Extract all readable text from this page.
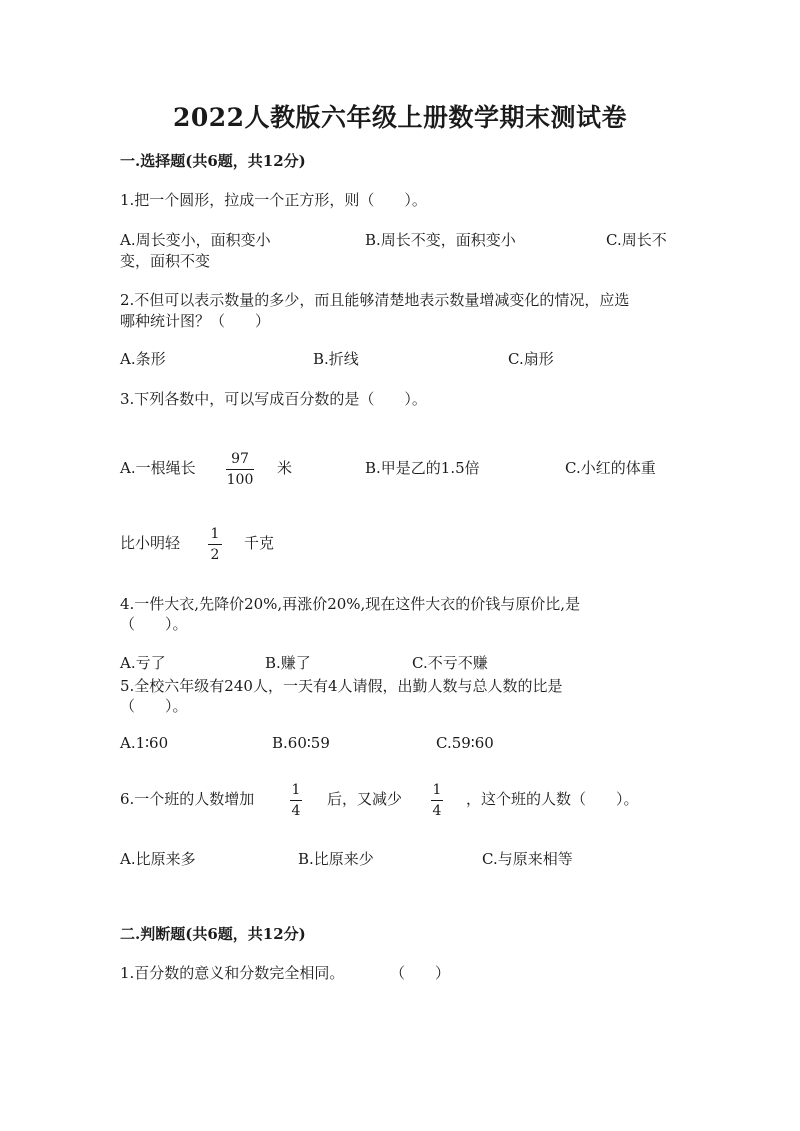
2022人教版六年级上册数学期末测试卷
一.选择题(共6题，共12分)
1.把一个圆形，拉成一个正方形，则（　　）。
A.周长变小，面积变小	B.周长不变，面积变小	C.周长不
变，面积不变
2.不但可以表示数量的多少，而且能够清楚地表示数量增减变化的情况，应选
哪种统计图？（　　）
A.条形	B.折线	C.扇形
3.下列各数中，可以写成百分数的是（　　）。
A.一根绳长	97
100
米	B.甲是乙的1.5倍	C.小红的体重
比小明轻 1
2
千克
4.一件大衣,先降价20%,再涨价20%,现在这件大衣的价钱与原价比,是
（　　）。
A.亏了	B.赚了	C.不亏不赚
5.全校六年级有240人，一天有4人请假，出勤人数与总人数的比是
（　　）。
A.1∶60	B.60∶59	C.59∶60
6.一个班的人数增加	1
4
后，又减少 1
4
，这个班的人数（　　）。
A.比原来多	B.比原来少	C.与原来相等
二.判断题(共6题，共12分)
1.百分数的意义和分数完全相同。	（　　）
